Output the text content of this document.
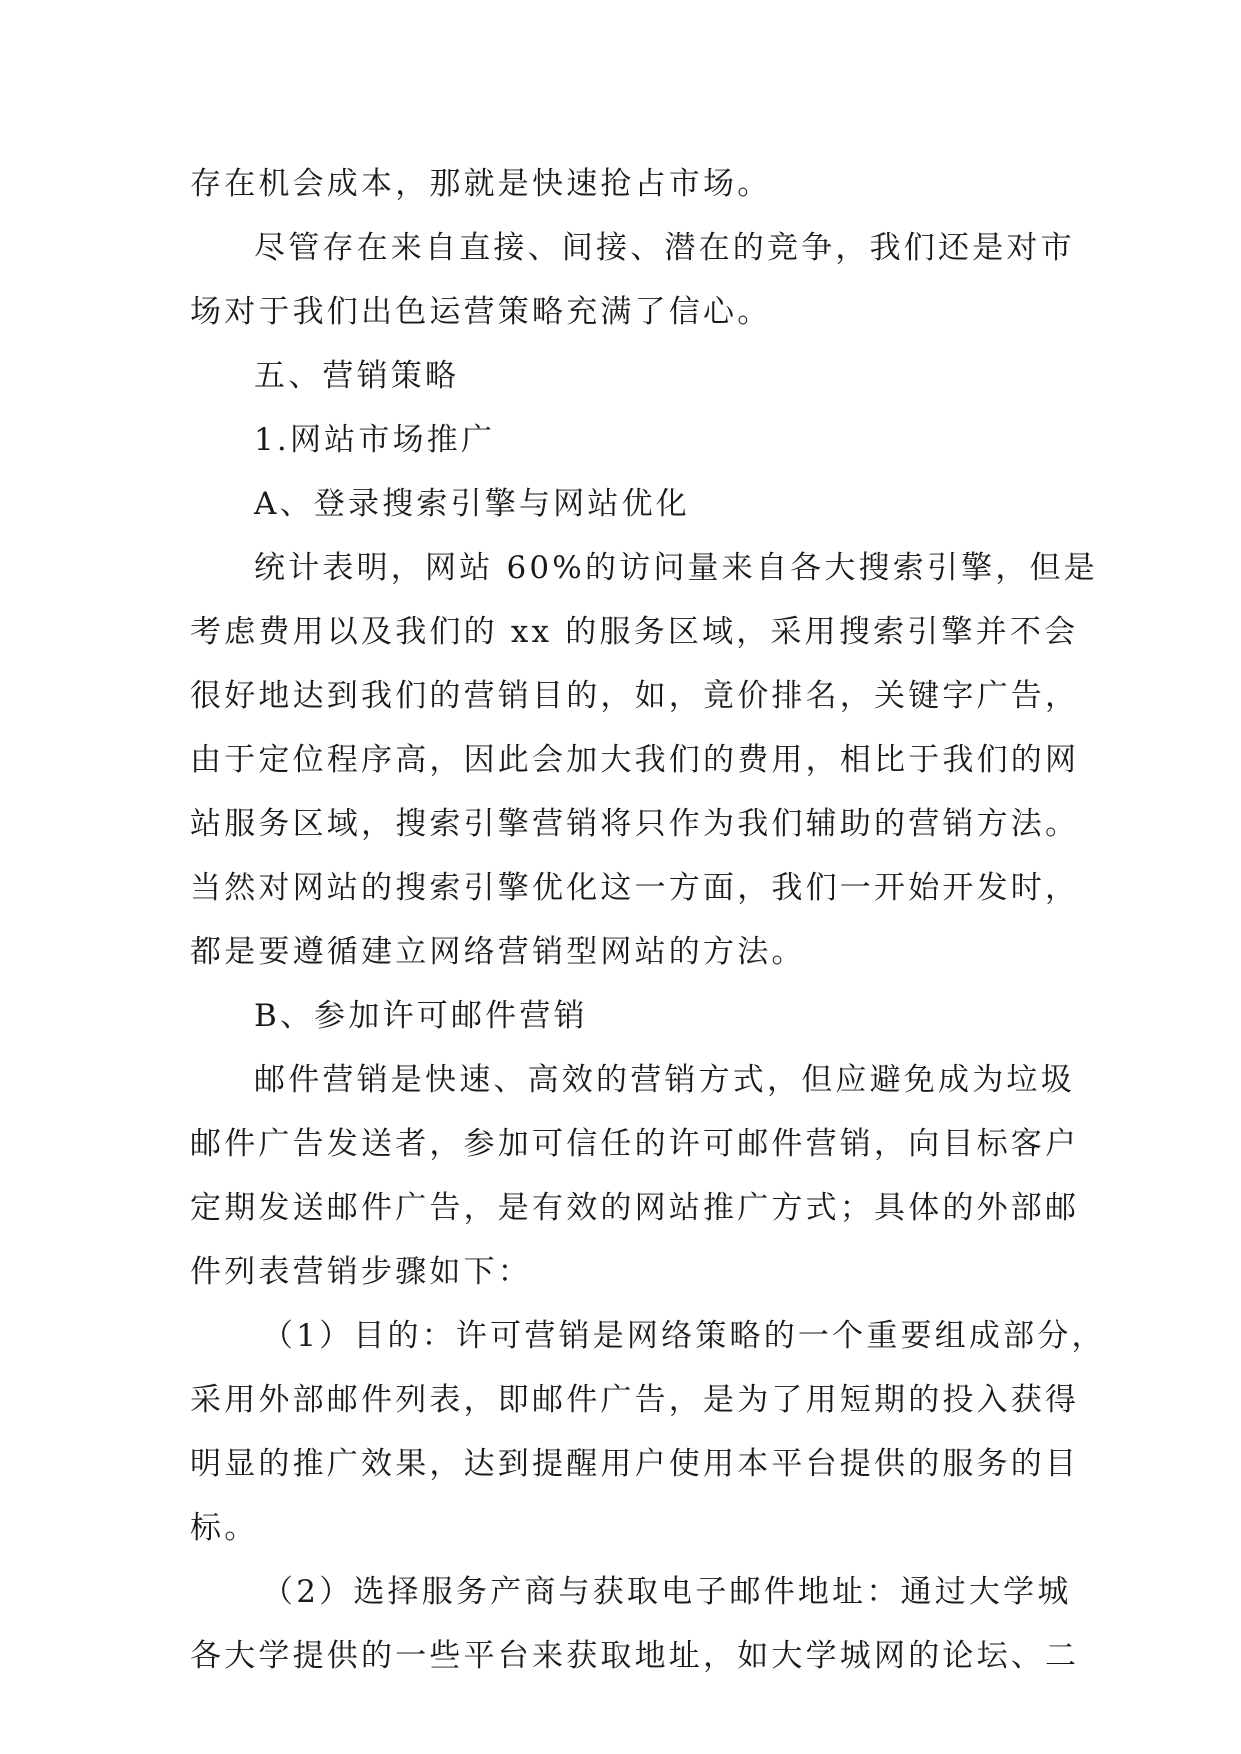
存在机会成本，那就是快速抢占市场。
尽管存在来自直接、间接、潜在的竞争，我们还是对市
场对于我们出色运营策略充满了信心。
五、营销策略
1.网站市场推广
A、登录搜索引擎与网站优化
统计表明，网站 60%的访问量来自各大搜索引擎，但是
考虑费用以及我们的 xx 的服务区域，采用搜索引擎并不会
很好地达到我们的营销目的，如，竟价排名，关键字广告，
由于定位程序高，因此会加大我们的费用，相比于我们的网
站服务区域，搜索引擎营销将只作为我们辅助的营销方法。
当然对网站的搜索引擎优化这一方面，我们一开始开发时，
都是要遵循建立网络营销型网站的方法。
B、参加许可邮件营销
邮件营销是快速、高效的营销方式，但应避免成为垃圾
邮件广告发送者，参加可信任的许可邮件营销，向目标客户
定期发送邮件广告，是有效的网站推广方式；具体的外部邮
件列表营销步骤如下：
（1）目的：许可营销是网络策略的一个重要组成部分，
采用外部邮件列表，即邮件广告，是为了用短期的投入获得
明显的推广效果，达到提醒用户使用本平台提供的服务的目
标。
（2）选择服务产商与获取电子邮件地址：通过大学城
各大学提供的一些平台来获取地址，如大学城网的论坛、二
